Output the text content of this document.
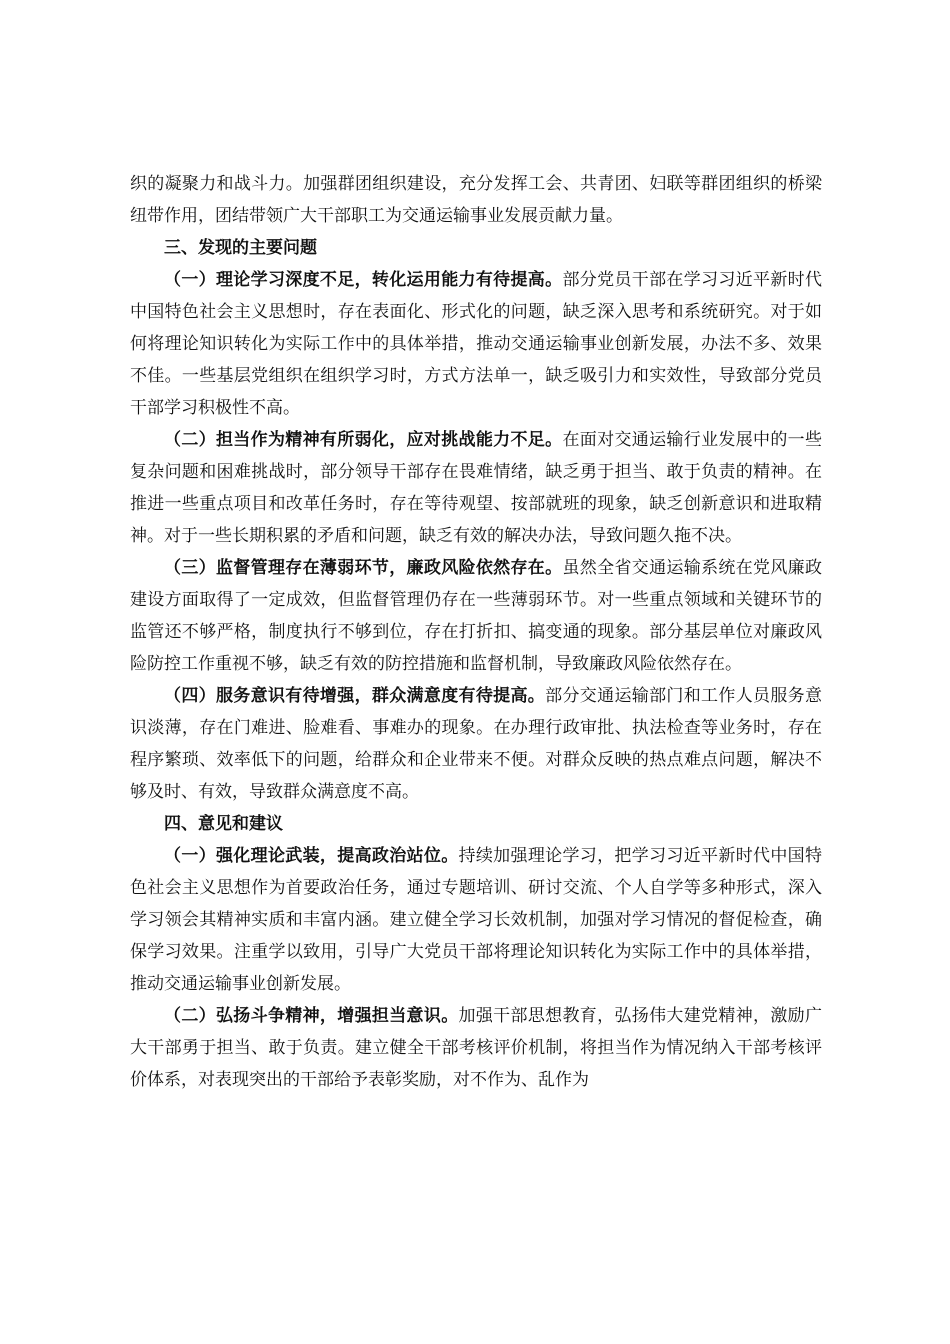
织的凝聚力和战斗力。加强群团组织建设，充分发挥工会、共青团、妇联等群团组织的桥梁纽带作用，团结带领广大干部职工为交通运输事业发展贡献力量。

三、发现的主要问题

（一）理论学习深度不足，转化运用能力有待提高。部分党员干部在学习习近平新时代中国特色社会主义思想时，存在表面化、形式化的问题，缺乏深入思考和系统研究。对于如何将理论知识转化为实际工作中的具体举措，推动交通运输事业创新发展，办法不多、效果不佳。一些基层党组织在组织学习时，方式方法单一，缺乏吸引力和实效性，导致部分党员干部学习积极性不高。

（二）担当作为精神有所弱化，应对挑战能力不足。在面对交通运输行业发展中的一些复杂问题和困难挑战时，部分领导干部存在畏难情绪，缺乏勇于担当、敢于负责的精神。在推进一些重点项目和改革任务时，存在等待观望、按部就班的现象，缺乏创新意识和进取精神。对于一些长期积累的矛盾和问题，缺乏有效的解决办法，导致问题久拖不决。

（三）监督管理存在薄弱环节，廉政风险依然存在。虽然全省交通运输系统在党风廉政建设方面取得了一定成效，但监督管理仍存在一些薄弱环节。对一些重点领域和关键环节的监管还不够严格，制度执行不够到位，存在打折扣、搞变通的现象。部分基层单位对廉政风险防控工作重视不够，缺乏有效的防控措施和监督机制，导致廉政风险依然存在。

（四）服务意识有待增强，群众满意度有待提高。部分交通运输部门和工作人员服务意识淡薄，存在门难进、脸难看、事难办的现象。在办理行政审批、执法检查等业务时，存在程序繁琐、效率低下的问题，给群众和企业带来不便。对群众反映的热点难点问题，解决不够及时、有效，导致群众满意度不高。

四、意见和建议

（一）强化理论武装，提高政治站位。持续加强理论学习，把学习习近平新时代中国特色社会主义思想作为首要政治任务，通过专题培训、研讨交流、个人自学等多种形式，深入学习领会其精神实质和丰富内涵。建立健全学习长效机制，加强对学习情况的督促检查，确保学习效果。注重学以致用，引导广大党员干部将理论知识转化为实际工作中的具体举措，推动交通运输事业创新发展。

（二）弘扬斗争精神，增强担当意识。加强干部思想教育，弘扬伟大建党精神，激励广大干部勇于担当、敢于负责。建立健全干部考核评价机制，将担当作为情况纳入干部考核评价体系，对表现突出的干部给予表彰奖励，对不作为、乱作为
